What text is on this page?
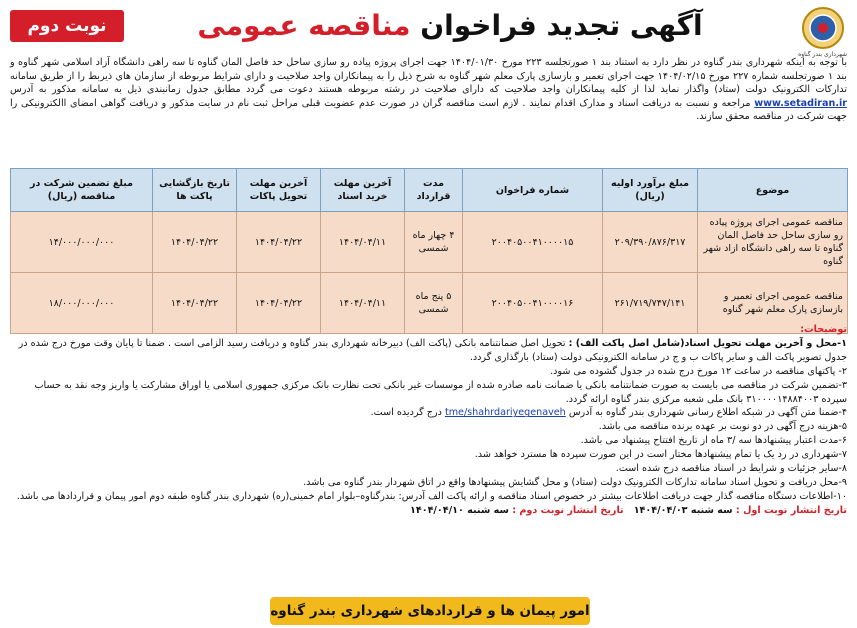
شهرداری بندر گناوه
آگهی تجدید فراخوان مناقصه عمومی
نوبت دوم
با توجه به اینکه شهرداری بندر گناوه در نظر دارد به استناد بند ۱ صورتجلسه ۲۲۳ مورخ ۱۴۰۴/۰۱/۳۰ جهت اجرای پروژه پیاده رو سازی ساحل حد فاصل المان گناوه تا سه راهی دانشگاه آزاد اسلامی شهر گناوه و بند ۱ صورتجلسه شماره ۲۲۷ مورخ ۱۴۰۴/۰۲/۱۵ جهت اجرای تعمیر و بازسازی پارک معلم شهر گناوه به شرح ذیل را به پیمانکاران واجد صلاحیت و دارای شرایط مربوطه از سازمان های ذیربط را از طریق سامانه تدارکات الکترونیک دولت (ستاد) واگذار نماید لذا از کلیه پیمانکاران واجد صلاحیت که دارای صلاحیت در رشته مربوطه هستند دعوت می گردد مطابق جدول زمانبندی ذیل به سامانه مذکور به آدرس www.setadiran.ir مراجعه و نسبت به دریافت اسناد و مدارک اقدام نمایند . لازم است مناقصه گران در صورت عدم عضویت قبلی مراحل ثبت نام در سایت مذکور و دریافت گواهی امضای االکترونیکی را جهت شرکت در مناقصه محقق سازند.
موضوع	مبلغ برآورد اولیه (ریال)	شماره فراخوان	مدت قرارداد	آخرین مهلت خرید اسناد	آخرین مهلت تحویل پاکات	تاریخ بازگشایی پاکت ها	مبلغ تضمین شرکت در مناقصه (ریال)
مناقصه عمومی اجرای پروژه پیاده رو سازی ساحل حد فاصل المان گناوه تا سه راهی دانشگاه ازاد شهر گناوه	۲۰۹/۳۹۰/۸۷۶/۳۱۷	۲۰۰۴۰۵۰۰۴۱۰۰۰۰۱۵	۴ چهار ماه شمسی	۱۴۰۴/۰۴/۱۱	۱۴۰۴/۰۴/۲۲	۱۴۰۴/۰۴/۲۲	۱۴/۰۰۰/۰۰۰/۰۰۰
مناقصه عمومی اجرای تعمیر و بازسازی پارک معلم شهر گناوه	۲۶۱/۷۱۹/۷۴۷/۱۴۱	۲۰۰۴۰۵۰۰۴۱۰۰۰۰۱۶	۵ پنج ماه شمسی	۱۴۰۴/۰۴/۱۱	۱۴۰۴/۰۴/۲۲	۱۴۰۴/۰۴/۲۲	۱۸/۰۰۰/۰۰۰/۰۰۰

توضیحات:

۱-محل و آخرین مهلت تحویل اسناد(شامل اصل پاکت الف) : تحویل اصل ضمانتنامه بانکی (پاکت الف) دبیرخانه شهرداری بندر گناوه و دریافت رسید الزامی است . ضمنا تا پایان وقت مورخ درج شده در جدول تصویر پاکت الف و سایر پاکات ب و ج در سامانه الکترونیکی دولت (ستاد) بارگذاری گردد.

۲- پاکتهای مناقصه در ساعت ۱۲ مورخ درج شده در جدول گشوده می شود.

۳-تضمین شرکت در مناقصه می بایست به صورت ضمانتنامه بانکی یا ضمانت نامه صادره شده از موسسات غیر بانکی تحت نظارت بانک مرکزی جمهوری اسلامی یا اوراق مشارکت یا واریز وجه نقد به حساب سپرده ۳۱۰۰۰۰۱۴۸۸۴۰۰۳ بانک ملی شعبه مرکزی بندر گناوه ارائه گردد.

۴-ضمنا متن آگهی در شبکه اطلاع رسانی شهرداری بندر گناوه به آدرس tme/shahrdariyegenaveh درج گردیده است.

۵-هزینه درج آگهی در دو نوبت بر عهده برنده مناقصه می باشد.

۶-مدت اعتبار پیشنهادها سه /۳ ماه از تاریخ افتتاح پیشنهاد می باشد.

۷-شهرداری در رد یک یا تمام پیشنهادها مختار است در این صورت سپرده ها مسترد خواهد شد.

۸-سایر جزئیات و شرایط در اسناد مناقصه درج شده است.

۹-محل دریافت و تحویل اسناد سامانه تدارکات الکترونیک دولت (ستاد) و محل گشایش پیشنهادها واقع در اتاق شهردار بندر گناوه می باشد.

۱۰-اطلاعات دستگاه مناقصه گذار جهت دریافت اطلاعات بیشتر در خصوص اسناد مناقصه و ارائه پاکت الف آدرس: بندرگناوه–بلوار امام خمینی(ره) شهرداری بندر گناوه طبقه دوم امور پیمان و قراردادها می باشد.

تاریخ انتشار نوبت اول : سه شنبه ۱۴۰۴/۰۴/۰۳   تاریخ انتشار نوبت دوم : سه شنبه ۱۴۰۴/۰۴/۱۰

امور پیمان ها و قراردادهای شهرداری بندر گناوه
